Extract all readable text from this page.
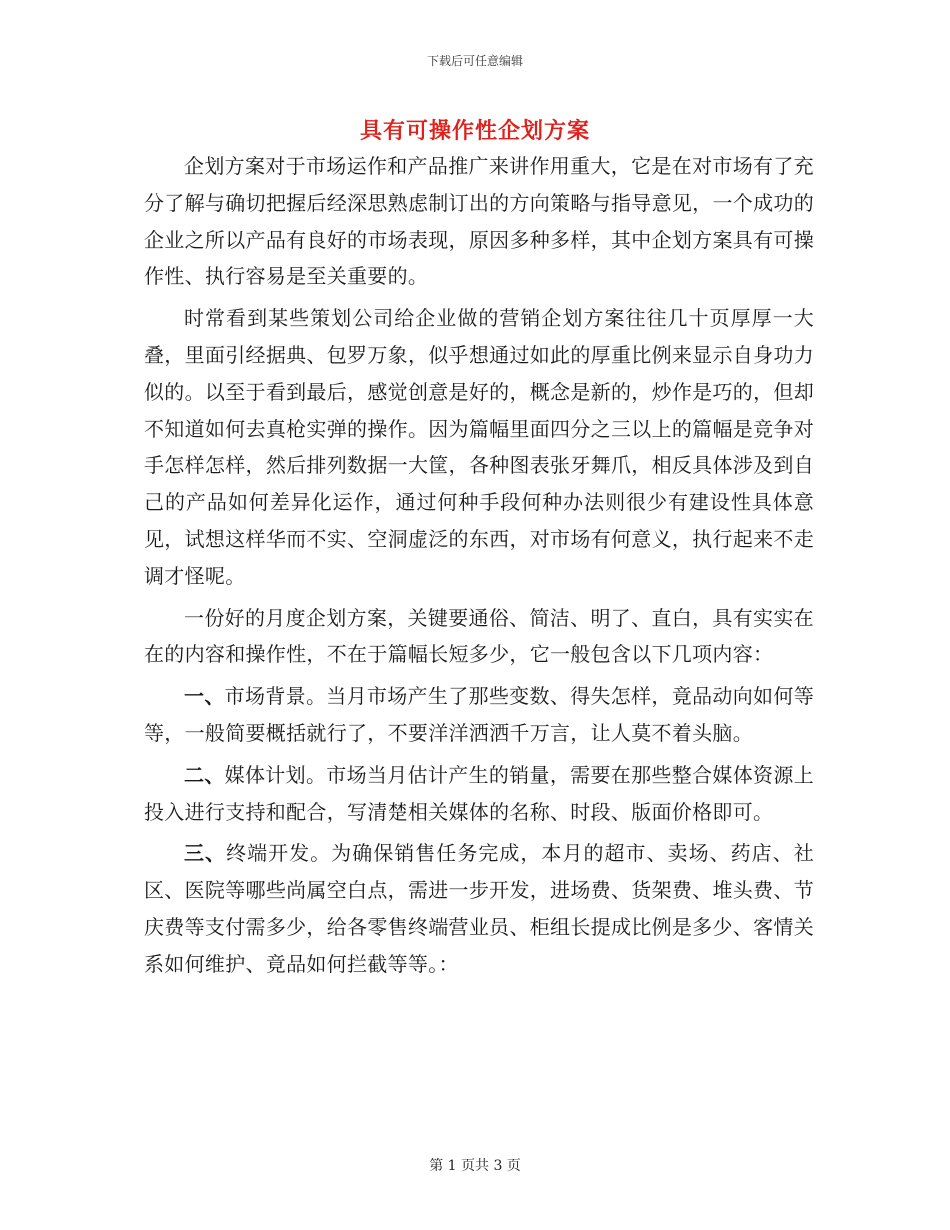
下载后可任意编辑
具有可操作性企划方案

企划方案对于市场运作和产品推广来讲作用重大，它是在对市场有了充分了解与确切把握后经深思熟虑制订出的方向策略与指导意见，一个成功的企业之所以产品有良好的市场表现，原因多种多样，其中企划方案具有可操作性、执行容易是至关重要的。

时常看到某些策划公司给企业做的营销企划方案往往几十页厚厚一大叠，里面引经据典、包罗万象，似乎想通过如此的厚重比例来显示自身功力似的。以至于看到最后，感觉创意是好的，概念是新的，炒作是巧的，但却不知道如何去真枪实弹的操作。因为篇幅里面四分之三以上的篇幅是竞争对手怎样怎样，然后排列数据一大筐，各种图表张牙舞爪，相反具体涉及到自己的产品如何差异化运作，通过何种手段何种办法则很少有建设性具体意见，试想这样华而不实、空洞虚泛的东西，对市场有何意义，执行起来不走调才怪呢。

一份好的月度企划方案，关键要通俗、简洁、明了、直白，具有实实在在的内容和操作性，不在于篇幅长短多少，它一般包含以下几项内容：

一、市场背景。当月市场产生了那些变数、得失怎样，竟品动向如何等等，一般简要概括就行了，不要洋洋洒洒千万言，让人莫不着头脑。

二、媒体计划。市场当月估计产生的销量，需要在那些整合媒体资源上投入进行支持和配合，写清楚相关媒体的名称、时段、版面价格即可。

三、终端开发。为确保销售任务完成，本月的超市、卖场、药店、社区、医院等哪些尚属空白点，需进一步开发，进场费、货架费、堆头费、节庆费等支付需多少，给各零售终端营业员、柜组长提成比例是多少、客情关系如何维护、竟品如何拦截等等。：

第 1 页共 3 页
